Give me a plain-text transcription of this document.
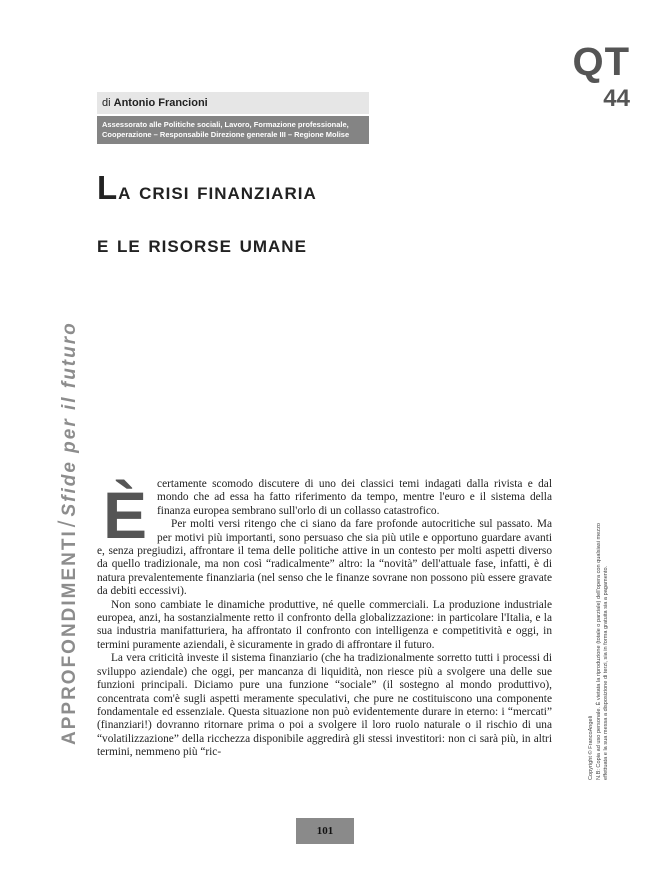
QT
44
di Antonio Francioni
Assessorato alle Politiche sociali, Lavoro, Formazione professionale,
Cooperazione – Responsabile Direzione generale III – Regione Molise
La crisi finanziaria
e le risorse umane
APPROFONDIMENTI/Sfide per il futuro
Copyright © FrancoAngeli N.B: Copia ad uso personale. È vietata la riproduzione (totale o parziale) dell'opera con qualsiasi mezzo effettuata e la sua messa a disposizione di terzi, sia in forma gratuita sia a pagamento.
È certamente scomodo discutere di uno dei classici temi indagati dalla rivista e dal mondo che ad essa ha fatto riferimento da tempo, mentre l'euro e il sistema della finanza europea sembrano sull'orlo di un collasso catastrofico.

Per molti versi ritengo che ci siano da fare profonde autocritiche sul passato. Ma per motivi più importanti, sono persuaso che sia più utile e opportuno guardare avanti e, senza pregiudizi, affrontare il tema delle politiche attive in un contesto per molti aspetti diverso da quello tradizionale, ma non così “radicalmente” altro: la “novità” dell'attuale fase, infatti, è di natura prevalentemente finanziaria (nel senso che le finanze sovrane non possono più essere gravate da debiti eccessivi).

Non sono cambiate le dinamiche produttive, né quelle commerciali. La produzione industriale europea, anzi, ha sostanzialmente retto il confronto della globalizzazione: in particolare l'Italia, e la sua industria manifatturiera, ha affrontato il confronto con intelligenza e competitività e oggi, in termini puramente aziendali, è sicuramente in grado di affrontare il futuro.

La vera criticità investe il sistema finanziario (che ha tradizionalmente sorretto tutti i processi di sviluppo aziendale) che oggi, per mancanza di liquidità, non riesce più a svolgere una delle sue funzioni principali. Diciamo pure una funzione “sociale” (il sostegno al mondo produttivo), concentrata com'è sugli aspetti meramente speculativi, che pure ne costituiscono una componente fondamentale ed essenziale. Questa situazione non può evidentemente durare in eterno: i “mercati” (finanziari!) dovranno ritornare prima o poi a svolgere il loro ruolo naturale o il rischio di una “volatilizzazione” della ricchezza disponibile aggredirà gli stessi investitori: non ci sarà più, in altri termini, nemmeno più “ric-

101
